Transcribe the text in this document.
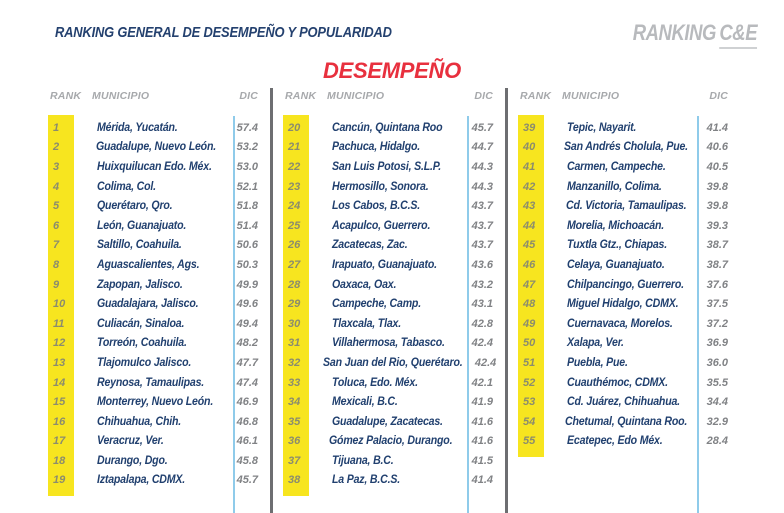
RANKING GENERAL DE DESEMPEÑO Y POPULARIDAD	RANKING C&E
DESEMPEÑO
RANK	MUNICIPIO	DIC
1	Mérida, Yucatán.	57.4
2	Guadalupe, Nuevo León.	53.2
3	Huixquilucan Edo. Méx.	53.0
4	Colima, Col.	52.1
5	Querétaro, Qro.	51.8
6	León, Guanajuato.	51.4
7	Saltillo, Coahuila.	50.6
8	Aguascalientes, Ags.	50.3
9	Zapopan, Jalisco.	49.9
10	Guadalajara, Jalisco.	49.6
11	Culiacán, Sinaloa.	49.4
12	Torreón, Coahuila.	48.2
13	Tlajomulco Jalisco.	47.7
14	Reynosa, Tamaulipas.	47.4
15	Monterrey, Nuevo León.	46.9
16	Chihuahua, Chih.	46.8
17	Veracruz, Ver.	46.1
18	Durango, Dgo.	45.8
19	Iztapalapa, CDMX.	45.7
RANK	MUNICIPIO	DIC
20	Cancún, Quintana Roo	45.7
21	Pachuca, Hidalgo.	44.7
22	San Luis Potosi, S.L.P.	44.3
23	Hermosillo, Sonora.	44.3
24	Los Cabos, B.C.S.	43.7
25	Acapulco, Guerrero.	43.7
26	Zacatecas, Zac.	43.7
27	Irapuato, Guanajuato.	43.6
28	Oaxaca, Oax.	43.2
29	Campeche, Camp.	43.1
30	Tlaxcala, Tlax.	42.8
31	Villahermosa, Tabasco.	42.4
32 San Juan del Rio, Querétaro. 42.4
33	Toluca, Edo. Méx.	42.1
34	Mexicali, B.C.	41.9
35	Guadalupe, Zacatecas.	41.6
36	Gómez Palacio, Durango.	41.6
37	Tijuana, B.C.	41.5
38	La Paz, B.C.S.	41.4
RANK	MUNICIPIO	DIC
39	Tepic, Nayarit.	41.4
40	San Andrés Cholula, Pue.	40.6
41	Carmen, Campeche.	40.5
42	Manzanillo, Colima.	39.8
43	Cd. Victoria, Tamaulipas.	39.8
44	Morelia, Michoacán.	39.3
45	Tuxtla Gtz., Chiapas.	38.7
46	Celaya, Guanajuato.	38.7
47	Chilpancingo, Guerrero.	37.6
48	Miguel Hidalgo, CDMX.	37.5
49	Cuernavaca, Morelos.	37.2
50	Xalapa, Ver.	36.9
51	Puebla, Pue.	36.0
52	Cuauthémoc, CDMX.	35.5
53	Cd. Juárez, Chihuahua.	34.4
54	Chetumal, Quintana Roo.	32.9
55	Ecatepec, Edo Méx.	28.4
